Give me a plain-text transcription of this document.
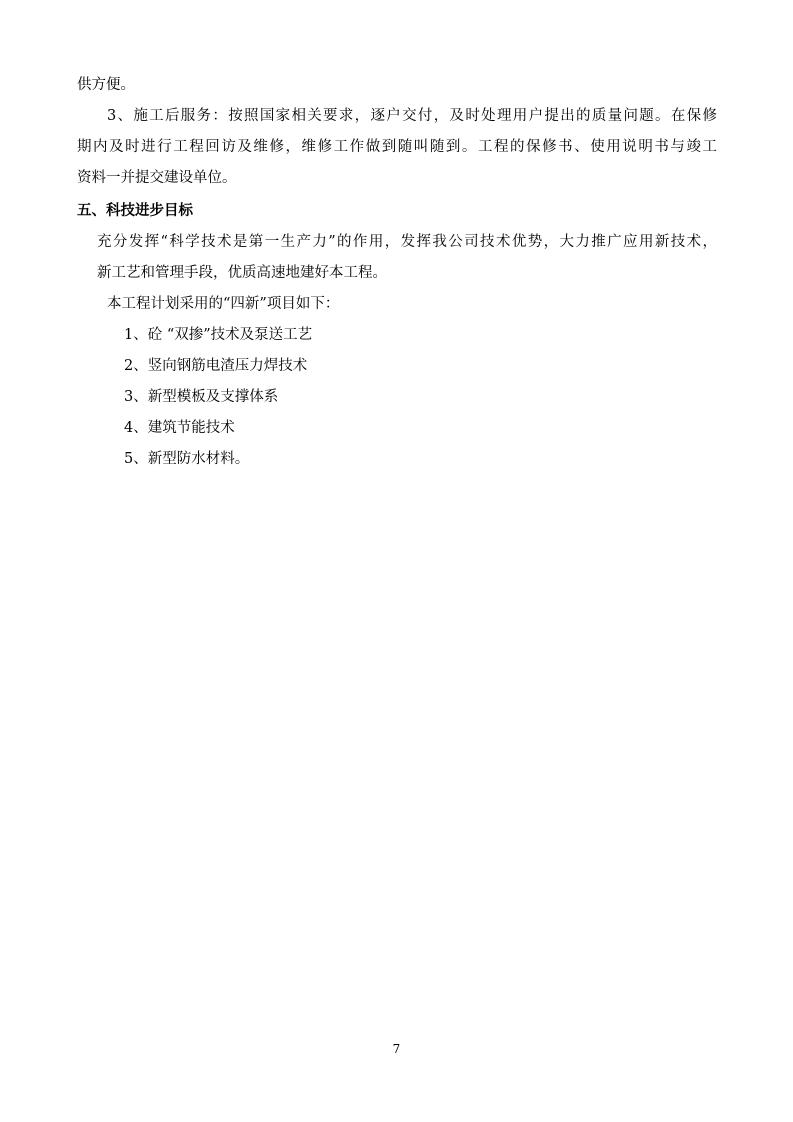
供方便。
3、施工后服务：按照国家相关要求，逐户交付，及时处理用户提出的质量问题。在保修
期内及时进行工程回访及维修，维修工作做到随叫随到。工程的保修书、使用说明书与竣工
资料一并提交建设单位。
五、科技进步目标
充分发挥“科学技术是第一生产力”的作用，发挥我公司技术优势，大力推广应用新技术，
新工艺和管理手段，优质高速地建好本工程。
本工程计划采用的“四新”项目如下：
1、砼 “双掺”技术及泵送工艺
2、竖向钢筋电渣压力焊技术
3、新型模板及支撑体系
4、建筑节能技术
5、新型防水材料。
7
